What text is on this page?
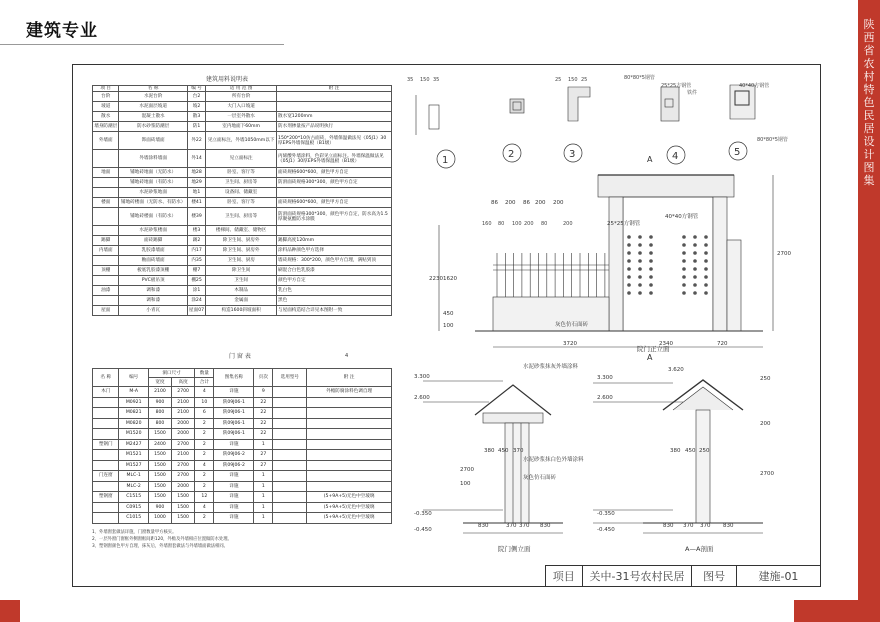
建筑专业	陕
西
省
农
村
特
色
民
居
设
计
图
集
建筑用料说明表
项 目	名 称	编 号	适 用 范 围	附 注
台阶	水泥台阶	台2	所有台阶	
坡道	水泥面层坡道	坡2	大门入口坡道	
散水	混凝土散水	散3	一层室外散水	散水宽1200mm
墙身防潮层	防水砂浆防潮层	防1	室内地面下60mm	防水剂掺量按产品说明执行
外墙面	饰面砖墙面	外22	见立面标注，外墙1050mm以下	150*200*10仿古面砖，外墙保温做法见《05J1》30厚EPS外墙保温板（B1级）
	外墙涂料墙面	外14	见立面标注	丙烯酸外墙涂料，色彩见立面标注。外墙保温做法见《05J1》30厚EPS外墙保温板（B1级）
地面	铺地砖地面（无防水）	地28	卧室、客厅等	面砖规格600*600，颜色甲方自定
	铺地砖地面（有防水）	地29	卫生间、厨房等	防滑面砖规格300*300，颜色甲方自定
	水泥砂浆地面	地1	设备间、储藏室	
楼面	铺地砖楼面（无防水、有防水）	楼41	卧室、客厅等	面砖规格600*600，颜色甲方自定
	铺地砖楼面（有防水）	楼39	卫生间、厨房等	防滑面砖规格300*300，颜色甲方自定，防水高为1.5厚聚氨酯防水涂膜
	水泥砂浆楼面	楼3	楼梯间、储藏室、储物区	
踢脚	面砖踢脚	踢2	除卫生间、厨房外	踢脚高度120mm
内墙面	乳胶漆墙面	内17	除卫生间、厨房外	涂料品种颜色甲方选择
	釉面砖墙面	内35	卫生间、厨房	墙砖规格：300*200，颜色甲方自理，满贴到顶
顶棚	板底乳胶漆顶棚	棚7	除卫生间	刷混合白色乳胶漆
	PVC板吊顶	棚25	卫生间	颜色甲方自定
油漆	调和漆	涂1	木制品	乳白色
	调和漆	涂24	金属面	黑色
屋面	小青瓦	屋面07	构造1600斜坡面积	与屋面构造结合详见本图附一致
门 窗 表	4
名 称	编号	洞口尺寸		数量	图集名称	页次	选用型号	附 注
		宽度	高度	合计				
木门	M-A	2100	2700	4	详施	9		外檐防腐涂料色调自理
	M0921	900	2100	10	陕09J06-1	22		
	M0821	800	2100	6	陕09J06-1	22		
	M0820	800	2000	2	陕09J06-1	22		
	M1520	1500	2000	2	陕09J06-1	22		
塑钢门	M2427	2400	2700	2	详施	1		
	M1521	1500	2100	2	陕09J06-2	27		
	M1527	1500	2700	4	陕09J06-2	27		
门连窗	MLC-1	1500	2700	2	详施	1		
	MLC-2	1500	2000	2	详施	1		
塑钢窗	C1515	1500	1500	12	详施	1		(5+9A+5)无色中空玻璃
	C0915	900	1500	4	详施	1		(5+9A+5)无色中空玻璃
	C1015	1000	1500	2	详施	1		(5+9A+5)无色中空玻璃
1、外墙窗套做法详施，门窗数量甲方核实。
2、一层外窗门窗框外侧窗框间距120，外檐及外墙相应位置做防水处理。
3、塑钢窗颜色甲方自理，抹灰后，外墙窗套做法与外墙墙面做法相同。
1
2	3	4	5
35 150 35	25 150 25	80*80*5钢管
25*25方钢管	40*40方钢管
80*80*5钢管
铁件
160 80 100 200 80	200
灰色仿石面砖
25*25方钢管
40*40方钢管
3720	2340	720
2230 1620
450
100
2700
86 200 86 200 200
A
A
院门正立面
3.300
2.600
-0.350
-0.450
830	370 370 830
380 450 370
2700
100
水泥砂浆抹灰外墙涂料
水泥砂浆抹白色外墙涂料
灰色仿石面砖
院门侧立面
3.620
3.300
2.600
-0.350
-0.450
830 370 370 830
380 450 250
250
200
2700
A—A剖面
项目	关中-31号农村民居	图号	建施-01
